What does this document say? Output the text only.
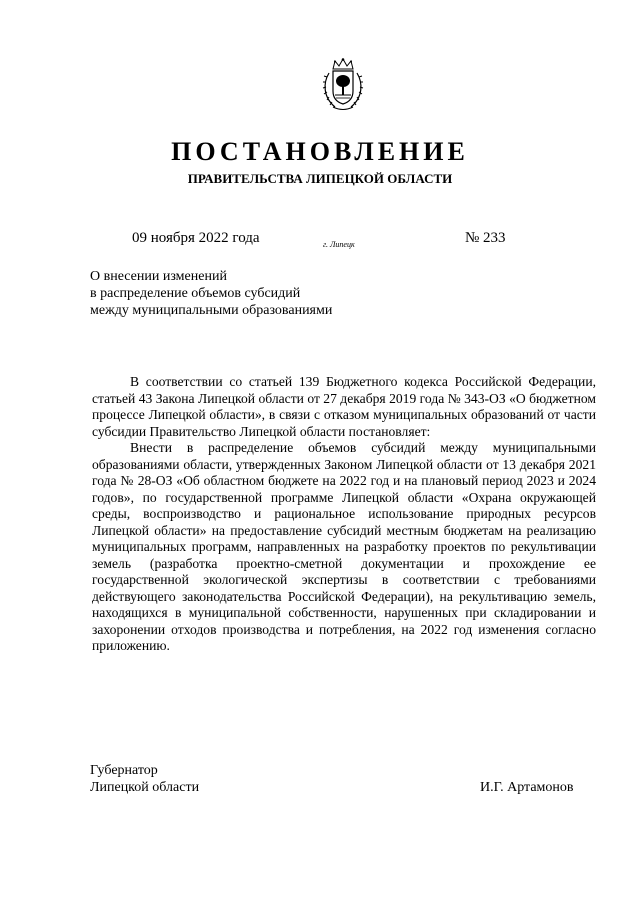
ПОСТАНОВЛЕНИЕ
ПРАВИТЕЛЬСТВА ЛИПЕЦКОЙ ОБЛАСТИ
09 ноября 2022 года	г. Липецк	№ 233
О внесении изменений
в распределение объемов субсидий
между муниципальными образованиями

В соответствии со статьей 139 Бюджетного кодекса Российской Федерации, статьей 43 Закона Липецкой области от 27 декабря 2019 года № 343-ОЗ «О бюджетном процессе Липецкой области», в связи с отказом муниципальных образований от части субсидии Правительство Липецкой области постановляет:

Внести в распределение объемов субсидий между муниципальными образованиями области, утвержденных Законом Липецкой области от 13 декабря 2021 года № 28-ОЗ «Об областном бюджете на 2022 год и на плановый период 2023 и 2024 годов», по государственной программе Липецкой области «Охрана окружающей среды, воспроизводство и рациональное использование природных ресурсов Липецкой области» на предоставление субсидий местным бюджетам на реализацию муниципальных программ, направленных на разработку проектов по рекультивации земель (разработка проектно-сметной документации и прохождение ее государственной экологической экспертизы в соответствии с требованиями действующего законодательства Российской Федерации), на рекультивацию земель, находящихся в муниципальной собственности, нарушенных при складировании и захоронении отходов производства и потребления, на 2022 год изменения согласно приложению.

Губернатор
Липецкой области	И.Г. Артамонов
